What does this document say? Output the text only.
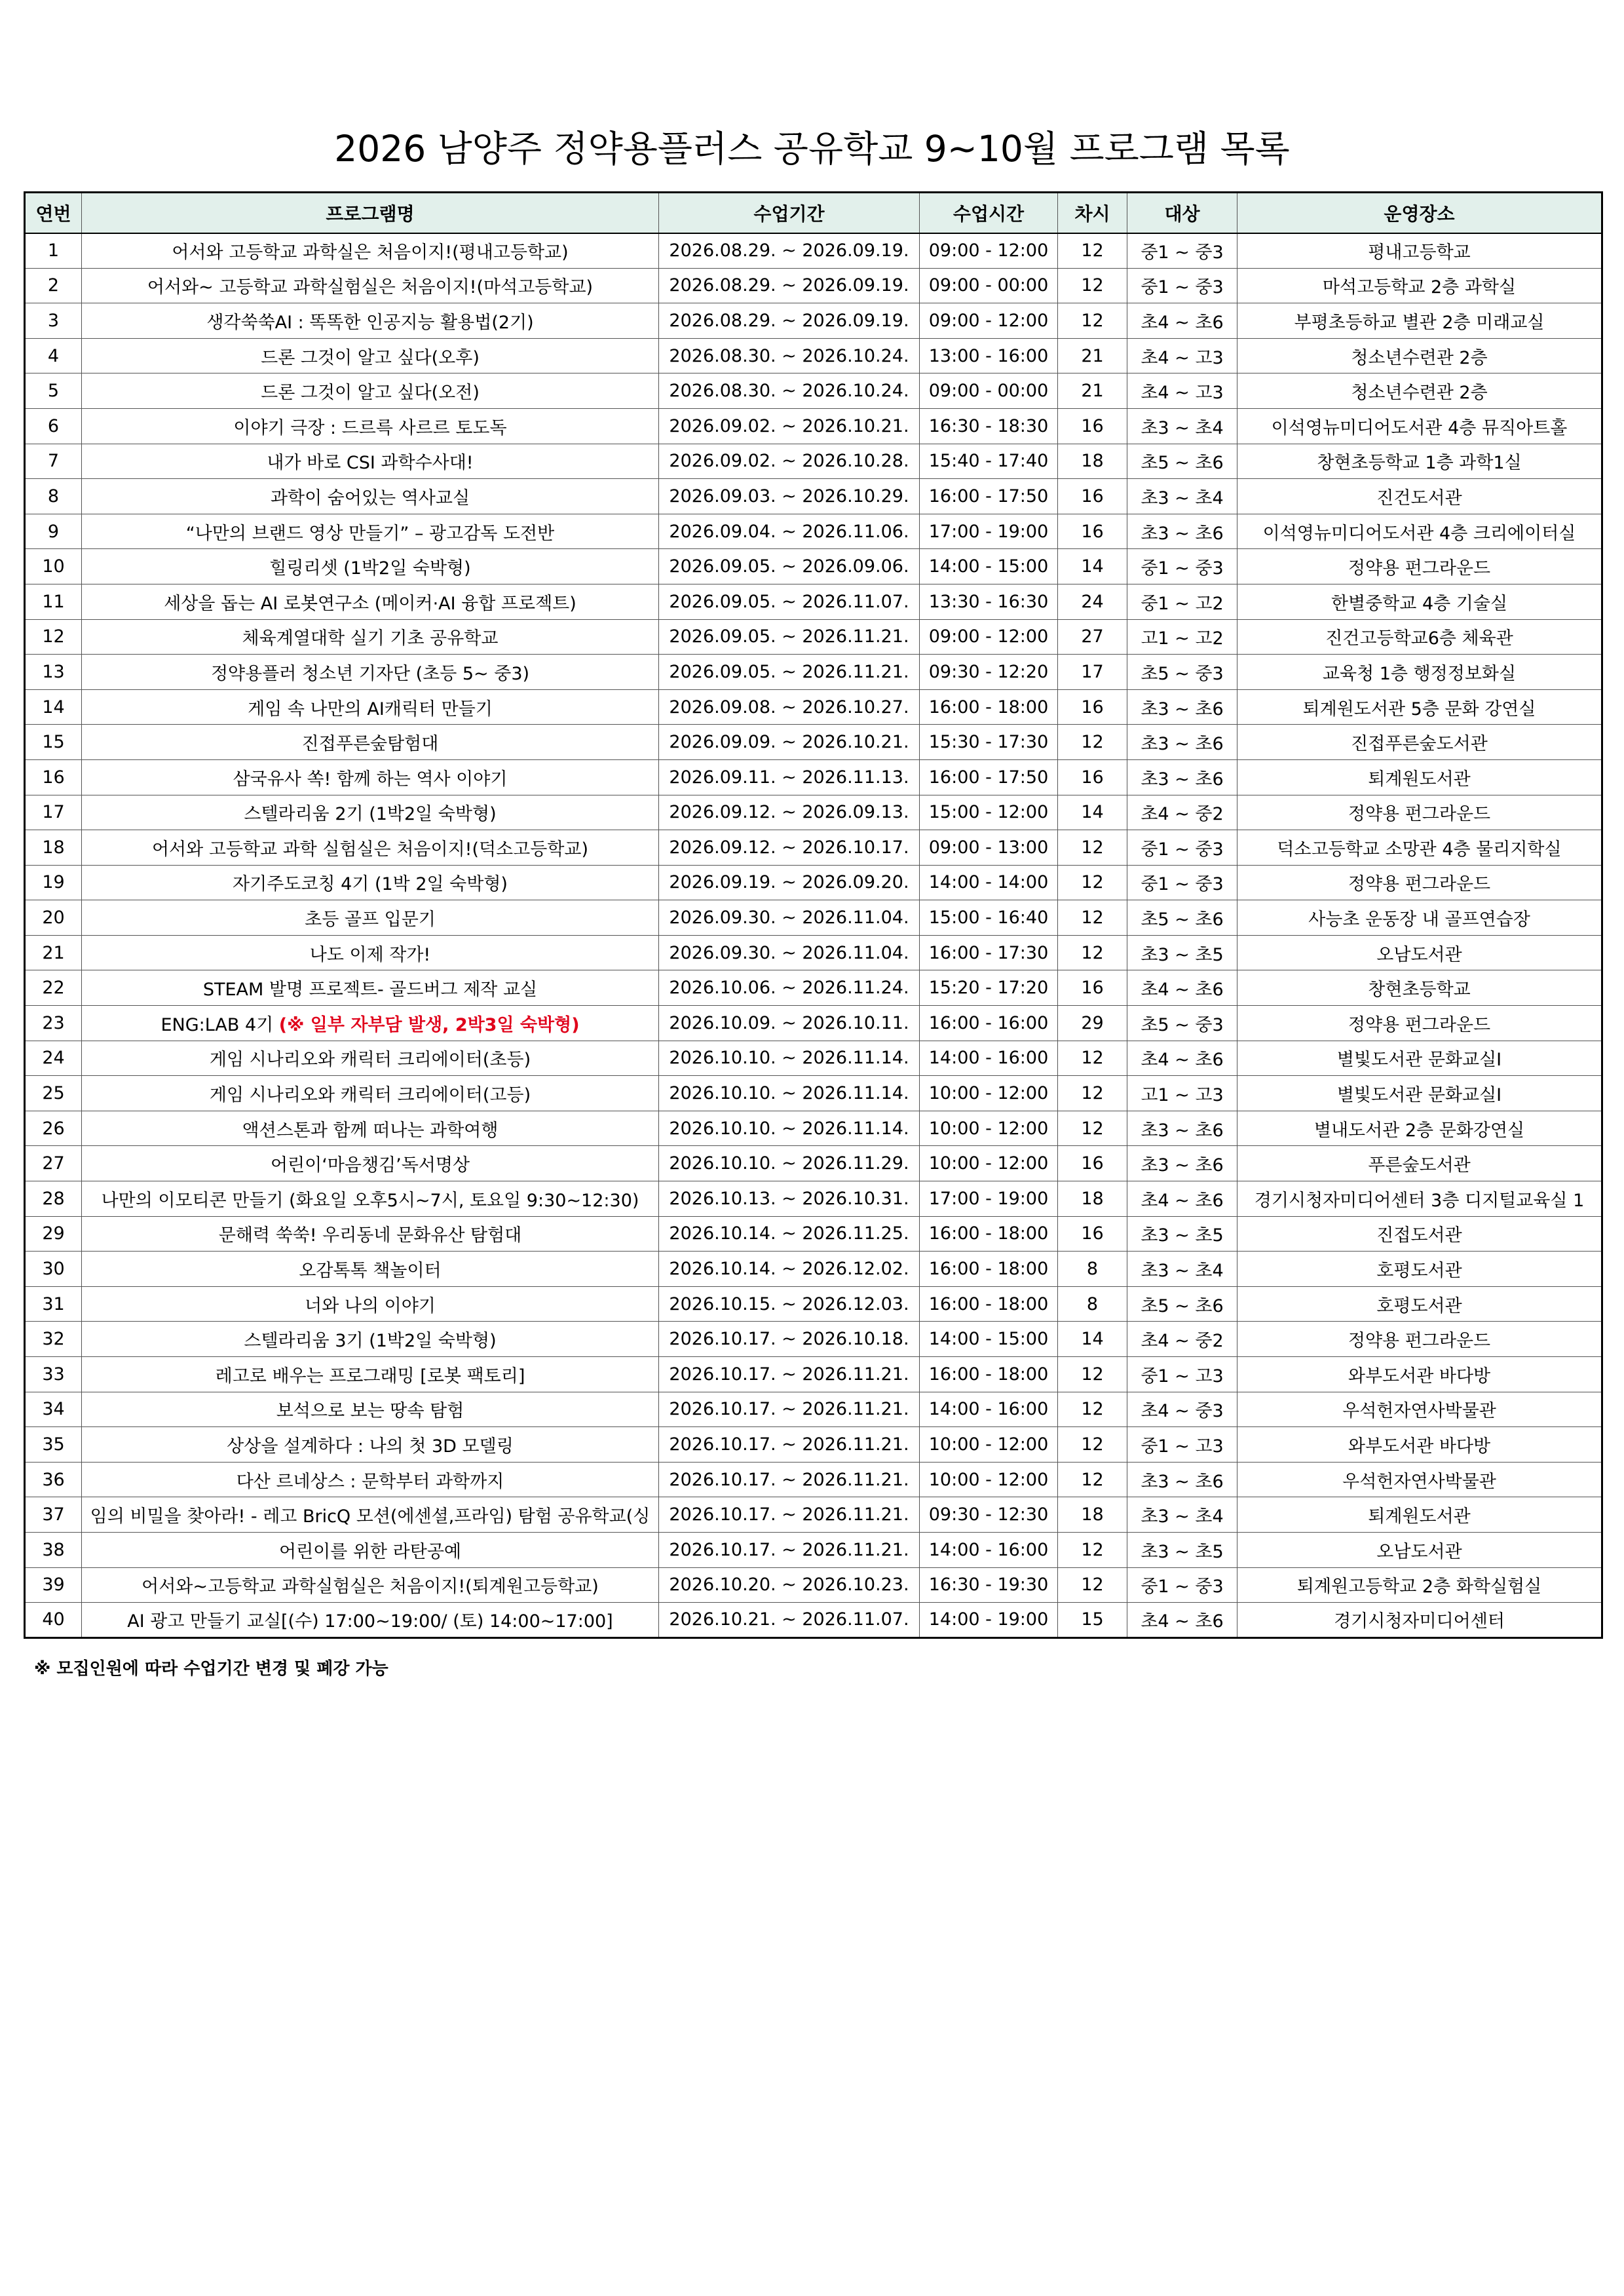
2026 남양주 정약용플러스 공유학교 9~10월 프로그램 목록
연번	프로그램명	수업기간	수업시간	차시	대상	운영장소
1	어서와 고등학교 과학실은 처음이지!(평내고등학교)	2026.08.29. ~ 2026.09.19.	09:00 - 12:00	12	중1 ~ 중3	평내고등학교
2	어서와~ 고등학교 과학실험실은 처음이지!(마석고등학교)	2026.08.29. ~ 2026.09.19.	09:00 - 00:00	12	중1 ~ 중3	마석고등학교 2층 과학실
3	생각쑥쑥AI : 똑똑한 인공지능 활용법(2기)	2026.08.29. ~ 2026.09.19.	09:00 - 12:00	12	초4 ~ 초6	부평초등하교 별관 2층 미래교실
4	드론 그것이 알고 싶다(오후)	2026.08.30. ~ 2026.10.24.	13:00 - 16:00	21	초4 ~ 고3	청소년수련관 2층
5	드론 그것이 알고 싶다(오전)	2026.08.30. ~ 2026.10.24.	09:00 - 00:00	21	초4 ~ 고3	청소년수련관 2층
6	이야기 극장 : 드르륵 사르르 토도독	2026.09.02. ~ 2026.10.21.	16:30 - 18:30	16	초3 ~ 초4	이석영뉴미디어도서관 4층 뮤직아트홀
7	내가 바로 CSI 과학수사대!	2026.09.02. ~ 2026.10.28.	15:40 - 17:40	18	초5 ~ 초6	창현초등학교 1층 과학1실
8	과학이 숨어있는 역사교실	2026.09.03. ~ 2026.10.29.	16:00 - 17:50	16	초3 ~ 초4	진건도서관
9	“나만의 브랜드 영상 만들기” – 광고감독 도전반	2026.09.04. ~ 2026.11.06.	17:00 - 19:00	16	초3 ~ 초6	이석영뉴미디어도서관 4층 크리에이터실
10	힐링리셋 (1박2일 숙박형)	2026.09.05. ~ 2026.09.06.	14:00 - 15:00	14	중1 ~ 중3	정약용 펀그라운드
11	세상을 돕는 AI 로봇연구소 (메이커·AI 융합 프로젝트)	2026.09.05. ~ 2026.11.07.	13:30 - 16:30	24	중1 ~ 고2	한별중학교 4층 기술실
12	체육계열대학 실기 기초 공유학교	2026.09.05. ~ 2026.11.21.	09:00 - 12:00	27	고1 ~ 고2	진건고등학교6층 체육관
13	정약용플러 청소년 기자단 (초등 5~ 중3)	2026.09.05. ~ 2026.11.21.	09:30 - 12:20	17	초5 ~ 중3	교육청 1층 행정정보화실
14	게임 속 나만의 AI캐릭터 만들기	2026.09.08. ~ 2026.10.27.	16:00 - 18:00	16	초3 ~ 초6	퇴계원도서관 5층 문화 강연실
15	진접푸른숲탐험대	2026.09.09. ~ 2026.10.21.	15:30 - 17:30	12	초3 ~ 초6	진접푸른숲도서관
16	삼국유사 쏙! 함께 하는 역사 이야기	2026.09.11. ~ 2026.11.13.	16:00 - 17:50	16	초3 ~ 초6	퇴계원도서관
17	스텔라리움 2기 (1박2일 숙박형)	2026.09.12. ~ 2026.09.13.	15:00 - 12:00	14	초4 ~ 중2	정약용 펀그라운드
18	어서와 고등학교 과학 실험실은 처음이지!(덕소고등학교)	2026.09.12. ~ 2026.10.17.	09:00 - 13:00	12	중1 ~ 중3	덕소고등학교 소망관 4층 물리지학실
19	자기주도코칭 4기 (1박 2일 숙박형)	2026.09.19. ~ 2026.09.20.	14:00 - 14:00	12	중1 ~ 중3	정약용 펀그라운드
20	초등 골프 입문기	2026.09.30. ~ 2026.11.04.	15:00 - 16:40	12	초5 ~ 초6	사능초 운동장 내 골프연습장
21	나도 이제 작가!	2026.09.30. ~ 2026.11.04.	16:00 - 17:30	12	초3 ~ 초5	오남도서관
22	STEAM 발명 프로젝트- 골드버그 제작 교실	2026.10.06. ~ 2026.11.24.	15:20 - 17:20	16	초4 ~ 초6	창현초등학교
23	ENG:LAB 4기 (※ 일부 자부담 발생, 2박3일 숙박형)	2026.10.09. ~ 2026.10.11.	16:00 - 16:00	29	초5 ~ 중3	정약용 펀그라운드
24	게임 시나리오와 캐릭터 크리에이터(초등)	2026.10.10. ~ 2026.11.14.	14:00 - 16:00	12	초4 ~ 초6	별빛도서관 문화교실Ⅰ
25	게임 시나리오와 캐릭터 크리에이터(고등)	2026.10.10. ~ 2026.11.14.	10:00 - 12:00	12	고1 ~ 고3	별빛도서관 문화교실Ⅰ
26	액션스톤과 함께 떠나는 과학여행	2026.10.10. ~ 2026.11.14.	10:00 - 12:00	12	초3 ~ 초6	별내도서관 2층 문화강연실
27	어린이‘마음챙김’독서명상	2026.10.10. ~ 2026.11.29.	10:00 - 12:00	16	초3 ~ 초6	푸른숲도서관
28	나만의 이모티콘 만들기 (화요일 오후5시~7시, 토요일 9:30~12:30)	2026.10.13. ~ 2026.10.31.	17:00 - 19:00	18	초4 ~ 초6	경기시청자미디어센터 3층 디지털교육실 1
29	문해력 쑥쑥! 우리동네 문화유산 탐험대	2026.10.14. ~ 2026.11.25.	16:00 - 18:00	16	초3 ~ 초5	진접도서관
30	오감톡톡 책놀이터	2026.10.14. ~ 2026.12.02.	16:00 - 18:00	8	초3 ~ 초4	호평도서관
31	너와 나의 이야기	2026.10.15. ~ 2026.12.03.	16:00 - 18:00	8	초5 ~ 초6	호평도서관
32	스텔라리움 3기 (1박2일 숙박형)	2026.10.17. ~ 2026.10.18.	14:00 - 15:00	14	초4 ~ 중2	정약용 펀그라운드
33	레고로 배우는 프로그래밍 [로봇 팩토리]	2026.10.17. ~ 2026.11.21.	16:00 - 18:00	12	중1 ~ 고3	와부도서관 바다방
34	보석으로 보는 땅속 탐험	2026.10.17. ~ 2026.11.21.	14:00 - 16:00	12	초4 ~ 중3	우석헌자연사박물관
35	상상을 설계하다 : 나의 첫 3D 모델링	2026.10.17. ~ 2026.11.21.	10:00 - 12:00	12	중1 ~ 고3	와부도서관 바다방
36	다산 르네상스 : 문학부터 과학까지	2026.10.17. ~ 2026.11.21.	10:00 - 12:00	12	초3 ~ 초6	우석헌자연사박물관
37	임의 비밀을 찾아라! - 레고 BricQ 모션(에센셜,프라임) 탐험 공유학교(싱	2026.10.17. ~ 2026.11.21.	09:30 - 12:30	18	초3 ~ 초4	퇴계원도서관
38	어린이를 위한 라탄공예	2026.10.17. ~ 2026.11.21.	14:00 - 16:00	12	초3 ~ 초5	오남도서관
39	어서와~고등학교 과학실험실은 처음이지!(퇴계원고등학교)	2026.10.20. ~ 2026.10.23.	16:30 - 19:30	12	중1 ~ 중3	퇴계원고등학교 2층 화학실험실
40	AI 광고 만들기 교실[(수) 17:00~19:00/ (토) 14:00~17:00]	2026.10.21. ~ 2026.11.07.	14:00 - 19:00	15	초4 ~ 초6	경기시청자미디어센터
※ 모집인원에 따라 수업기간 변경 및 폐강 가능
